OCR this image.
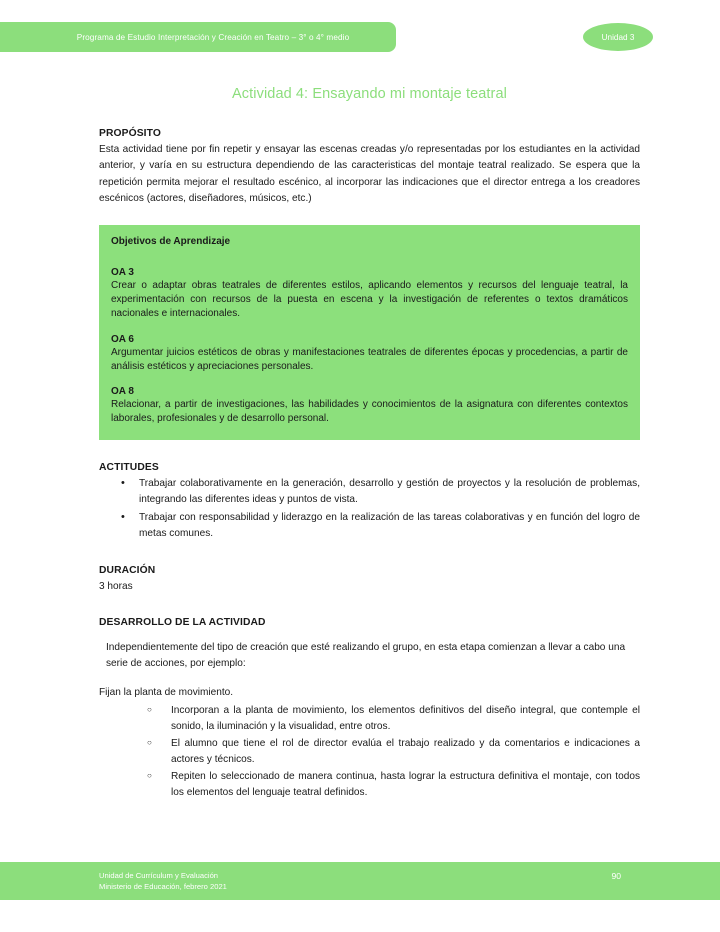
Programa de Estudio Interpretación y Creación en Teatro – 3° o 4° medio	Unidad 3
Actividad 4: Ensayando mi montaje teatral
PROPÓSITO

Esta actividad tiene por fin repetir y ensayar las escenas creadas y/o representadas por los estudiantes en la actividad anterior, y varía en su estructura dependiendo de las caracteristicas del montaje teatral realizado. Se espera que la repetición permita mejorar el resultado escénico, al incorporar las indicaciones que el director entrega a los creadores escénicos (actores, diseñadores, músicos, etc.)

Objetivos de Aprendizaje
OA 3
Crear o adaptar obras teatrales de diferentes estilos, aplicando elementos y recursos del lenguaje teatral, la experimentación con recursos de la puesta en escena y la investigación de referentes o textos dramáticos nacionales e internacionales.
OA 6
Argumentar juicios estéticos de obras y manifestaciones teatrales de diferentes épocas y procedencias, a partir de análisis estéticos y apreciaciones personales.
OA 8
Relacionar, a partir de investigaciones, las habilidades y conocimientos de la asignatura con diferentes contextos laborales, profesionales y de desarrollo personal.
ACTITUDES
• Trabajar colaborativamente en la generación, desarrollo y gestión de proyectos y la resolución de problemas, integrando las diferentes ideas y puntos de vista.
• Trabajar con responsabilidad y liderazgo en la realización de las tareas colaborativas y en función del logro de metas comunes.
DURACIÓN

3 horas

DESARROLLO DE LA ACTIVIDAD

Independientemente del tipo de creación que esté realizando el grupo, en esta etapa comienzan a llevar a cabo una serie de acciones, por ejemplo:

Fijan la planta de movimiento.

○ Incorporan a la planta de movimiento, los elementos definitivos del diseño integral, que contemple el sonido, la iluminación y la visualidad, entre otros.
○ El alumno que tiene el rol de director evalúa el trabajo realizado y da comentarios e indicaciones a actores y técnicos.
○ Repiten lo seleccionado de manera continua, hasta lograr la estructura definitiva el montaje, con todos los elementos del lenguaje teatral definidos.
Unidad de Currículum y Evaluación
Ministerio de Educación, febrero 2021
90
